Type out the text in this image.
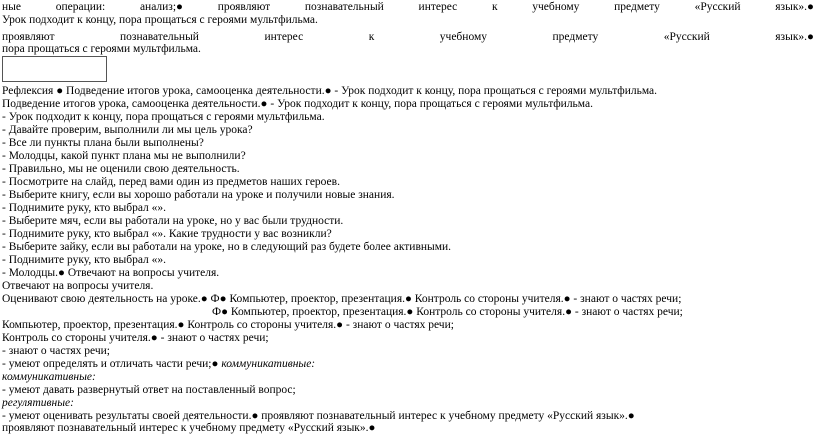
ные	операции:	анализ;●	проявляют	познавательный	интерес	к	учебному	предмету	«Русский	язык».●
Урок подходит к концу, пора прощаться с героями мультфильма.
проявляют	познавательный	интерес	к	учебному	предмету	«Русский	язык».●
пора прощаться с героями мультфильма.
Рефлексия ● Подведение итогов урока, самооценка деятельности.● - Урок подходит к концу, пора прощаться с героями мультфильма.
Подведение итогов урока, самооценка деятельности.● - Урок подходит к концу, пора прощаться с героями мультфильма.
- Урок подходит к концу, пора прощаться с героями мультфильма.
- Давайте проверим, выполнили ли мы цель урока?
- Все ли пункты плана были выполнены?
- Молодцы, какой пункт плана мы не выполнили?
- Правильно, мы не оценили свою деятельность.
- Посмотрите на слайд, перед вами один из предметов наших героев.
- Выберите книгу, если вы хорошо работали на уроке и получили новые знания.
- Поднимите руку, кто выбрал «».
- Выберите мяч, если вы работали на уроке, но у вас были трудности.
- Поднимите руку, кто выбрал «». Какие трудности у вас возникли?
- Выберите зайку, если вы работали на уроке, но в следующий раз будете более активными.
- Поднимите руку, кто выбрал «».
- Молодцы.● Отвечают на вопросы учителя.
Отвечают на вопросы учителя.
Оценивают свою деятельность на уроке.● Ф● Компьютер, проектор, презентация.● Контроль со стороны учителя.● - знают о частях речи;
Ф● Компьютер, проектор, презентация.● Контроль со стороны учителя.● - знают о частях речи;
Компьютер, проектор, презентация.● Контроль со стороны учителя.● - знают о частях речи;
Контроль со стороны учителя.● - знают о частях речи;
- знают о частях речи;
- умеют определять и отличать части речи;● коммуникативные:
коммуникативные:
- умеют давать развернутый ответ на поставленный вопрос;
регулятивные:
- умеют оценивать результаты своей деятельности.● проявляют познавательный интерес к учебному предмету «Русский язык».●
проявляют познавательный интерес к учебному предмету «Русский язык».●
